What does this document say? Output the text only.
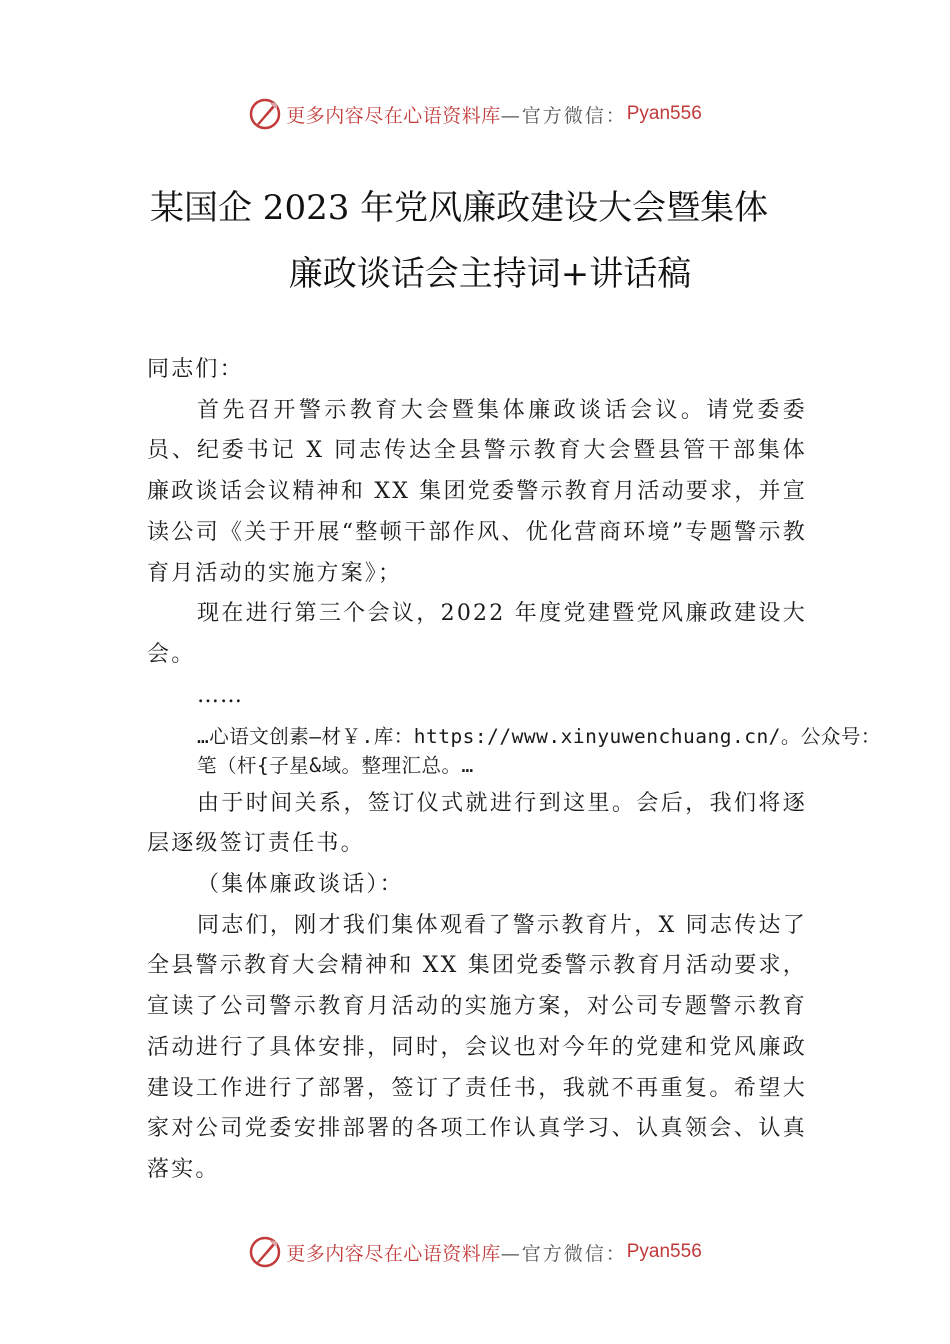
更多内容尽在心语资料库 —官方微信： Pyan556
某国企 2023 年党风廉政建设大会暨集体
廉政谈话会主持词+讲话稿

同志们：

首先召开警示教育大会暨集体廉政谈话会议。请党委委员、纪委书记 X 同志传达全县警示教育大会暨县管干部集体廉政谈话会议精神和 XX 集团党委警示教育月活动要求，并宣读公司《关于开展“整顿干部作风、优化营商环境”专题警示教育月活动的实施方案》；

现在进行第三个会议，2022 年度党建暨党风廉政建设大会。

……

…心语文创素—材￥.库：https://www.xinyuwenchuang.cn/。公众号：笔（杆{子星&域。整理汇总。…

由于时间关系，签订仪式就进行到这里。会后，我们将逐层逐级签订责任书。

（集体廉政谈话）：

同志们，刚才我们集体观看了警示教育片，X 同志传达了全县警示教育大会精神和 XX 集团党委警示教育月活动要求，宣读了公司警示教育月活动的实施方案，对公司专题警示教育活动进行了具体安排，同时，会议也对今年的党建和党风廉政建设工作进行了部署，签订了责任书，我就不再重复。希望大家对公司党委安排部署的各项工作认真学习、认真领会、认真落实。

更多内容尽在心语资料库 —官方微信： Pyan556
